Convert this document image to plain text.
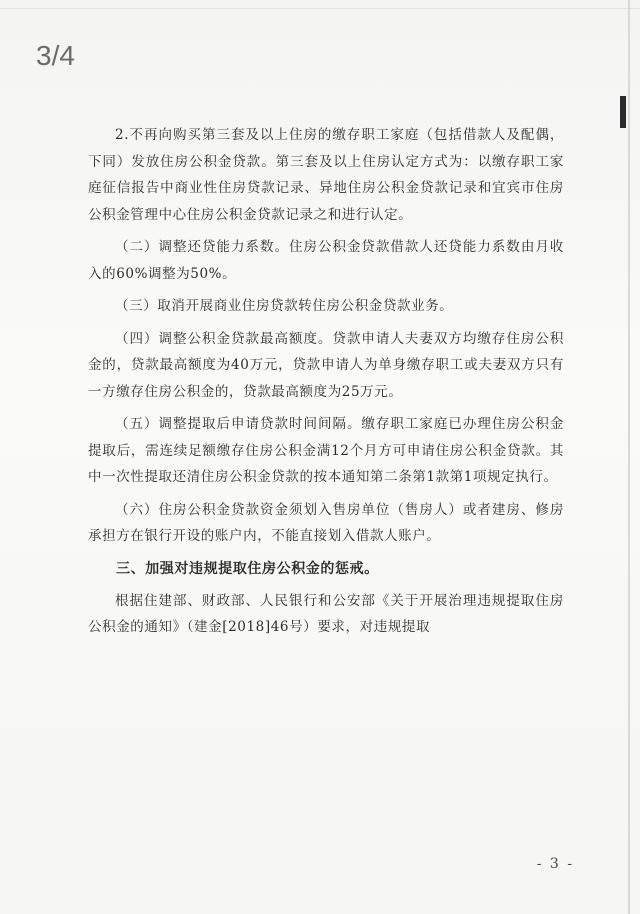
3/4

2.不再向购买第三套及以上住房的缴存职工家庭（包括借款人及配偶，下同）发放住房公积金贷款。第三套及以上住房认定方式为：以缴存职工家庭征信报告中商业性住房贷款记录、异地住房公积金贷款记录和宜宾市住房公积金管理中心住房公积金贷款记录之和进行认定。

（二）调整还贷能力系数。住房公积金贷款借款人还贷能力系数由月收入的60%调整为50%。

（三）取消开展商业住房贷款转住房公积金贷款业务。

（四）调整公积金贷款最高额度。贷款申请人夫妻双方均缴存住房公积金的，贷款最高额度为40万元，贷款申请人为单身缴存职工或夫妻双方只有一方缴存住房公积金的，贷款最高额度为25万元。

（五）调整提取后申请贷款时间间隔。缴存职工家庭已办理住房公积金提取后，需连续足额缴存住房公积金满12个月方可申请住房公积金贷款。其中一次性提取还清住房公积金贷款的按本通知第二条第1款第1项规定执行。

（六）住房公积金贷款资金须划入售房单位（售房人）或者建房、修房承担方在银行开设的账户内，不能直接划入借款人账户。

三、加强对违规提取住房公积金的惩戒。

根据住建部、财政部、人民银行和公安部《关于开展治理违规提取住房公积金的通知》（建金[2018]46号）要求，对违规提取

- 3 -
